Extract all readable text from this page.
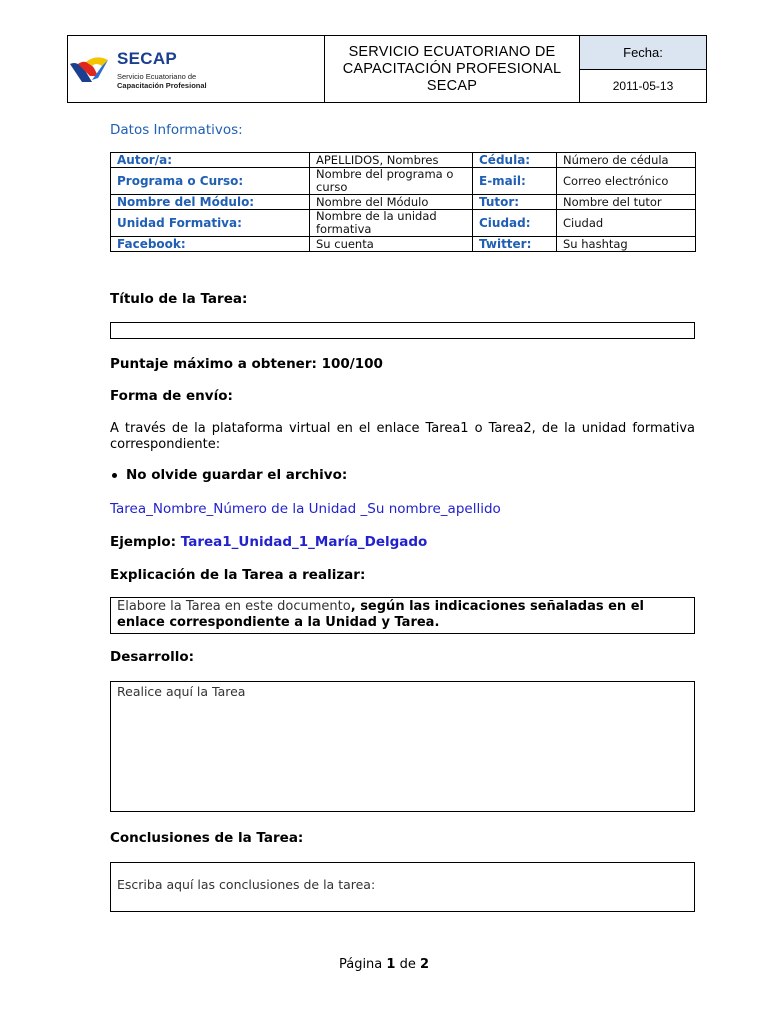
SECAP
Servicio Ecuatoriano de
Capacitación Profesional
SERVICIO ECUATORIANO DE
CAPACITACIÓN PROFESIONAL
SECAP
Fecha:
2011-05-13
Datos Informativos:
Autor/a:	APELLIDOS, Nombres	Cédula:	Número de cédula
Programa o Curso:	Nombre del programa o curso	E-mail:	Correo electrónico
Nombre del Módulo:	Nombre del Módulo	Tutor:	Nombre del tutor
Unidad Formativa:	Nombre de la unidad formativa	Ciudad:	Ciudad
Facebook:	Su cuenta	Twitter:	Su hashtag
Título de la Tarea:
Puntaje máximo a obtener: 100/100
Forma de envío:
A través de la plataforma virtual en el enlace Tarea1 o Tarea2, de la unidad formativa correspondiente:
No olvide guardar el archivo:
Tarea_Nombre_Número de la Unidad _Su nombre_apellido
Ejemplo: Tarea1_Unidad_1_María_Delgado
Explicación de la Tarea a realizar:
Elabore la Tarea en este documento, según las indicaciones señaladas en el enlace correspondiente a la Unidad y Tarea.
Desarrollo:
Realice aquí la Tarea
Conclusiones de la Tarea:
Escriba aquí las conclusiones de la tarea:
Página 1 de 2
